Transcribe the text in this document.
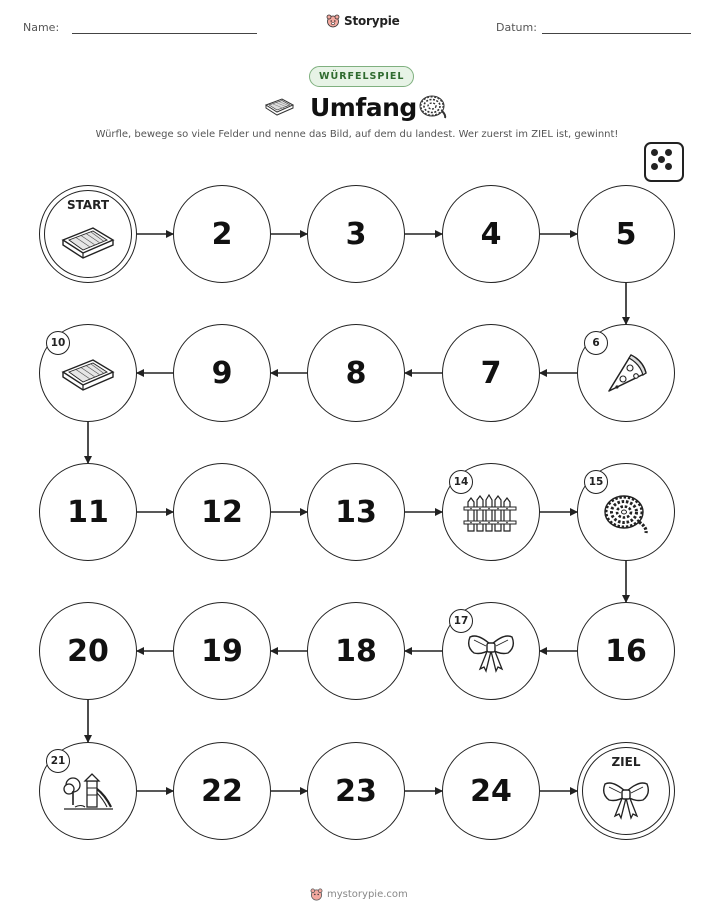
Name:	Storypie	Datum:
WÜRFELSPIEL
Umfang
Würfle, bewege so viele Felder und nenne das Bild, auf dem du landest. Wer zuerst im ZIEL ist, gewinnt!
START
2	3	4	5
6
7
8
9
10
11	12	13
14	15
16
17
18
19
20
21
22	23	24
ZIEL
mystorypie.com
